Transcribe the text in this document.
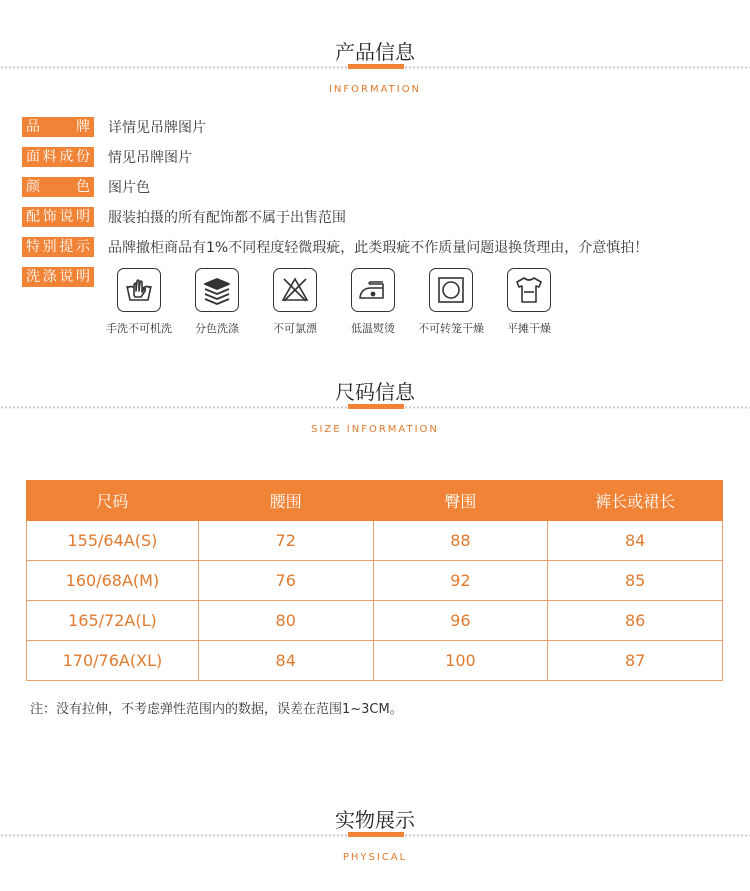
产品信息
INFORMATION
品　　牌 详情见吊牌图片
面料成份 情见吊牌图片
颜　　色 图片色
配饰说明 服装拍摄的所有配饰都不属于出售范围
特别提示 品牌撤柜商品有1%不同程度轻微瑕疵，此类瑕疵不作质量问题退换货理由，介意慎拍！
洗涤说明
手洗不可机洗	分色洗涤	不可氯漂	低温熨烫	不可转笼干燥	平摊干燥
尺码信息
SIZE INFORMATION
尺码	腰围	臀围	裤长或裙长
155/64A(S)	72	88	84
160/68A(M)	76	92	85
165/72A(L)	80	96	86
170/76A(XL)	84	100	87
注：没有拉伸，不考虑弹性范围内的数据，误差在范围1~3CM。
实物展示
PHYSICAL
